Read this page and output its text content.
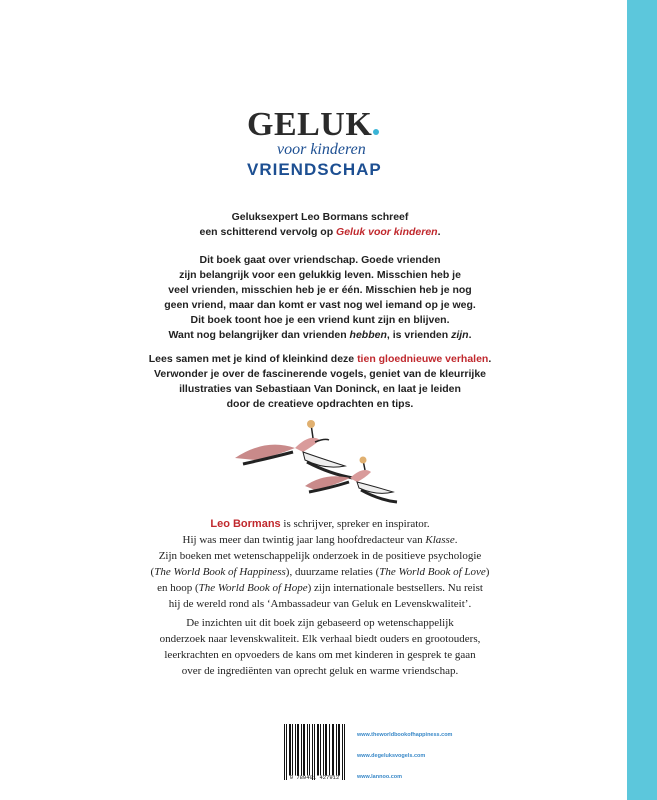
GELUK
voor kinderen
VRIENDSCHAP

Geluksexpert Leo Bormans schreef

een schitterend vervolg op Geluk voor kinderen.

Dit boek gaat over vriendschap. Goede vrienden

zijn belangrijk voor een gelukkig leven. Misschien heb je

veel vrienden, misschien heb je er één. Misschien heb je nog

geen vriend, maar dan komt er vast nog wel iemand op je weg.

Dit boek toont hoe je een vriend kunt zijn en blijven.

Want nog belangrijker dan vrienden hebben, is vrienden zijn.

Lees samen met je kind of kleinkind deze tien gloednieuwe verhalen.

Verwonder je over de fascinerende vogels, geniet van de kleurrijke

illustraties van Sebastiaan Van Doninck, en laat je leiden

door de creatieve opdrachten en tips.

Leo Bormans is schrijver, spreker en inspirator.

Hij was meer dan twintig jaar lang hoofdredacteur van Klasse.

Zijn boeken met wetenschappelijk onderzoek in de positieve psychologie

(The World Book of Happiness), duurzame relaties (The World Book of Love)

en hoop (The World Book of Hope) zijn internationale bestsellers. Nu reist

hij de wereld rond als ‘Ambassadeur van Geluk en Levenskwaliteit’.

De inzichten uit dit boek zijn gebaseerd op wetenschappelijk

onderzoek naar levenskwaliteit. Elk verhaal biedt ouders en grootouders,

leerkrachten en opvoeders de kans om met kinderen in gesprek te gaan

over de ingrediënten van oprecht geluk en warme vriendschap.

9 789401 427912
www.theworldbookofhappiness.com
www.degeluksvogels.com
www.lannoo.com
